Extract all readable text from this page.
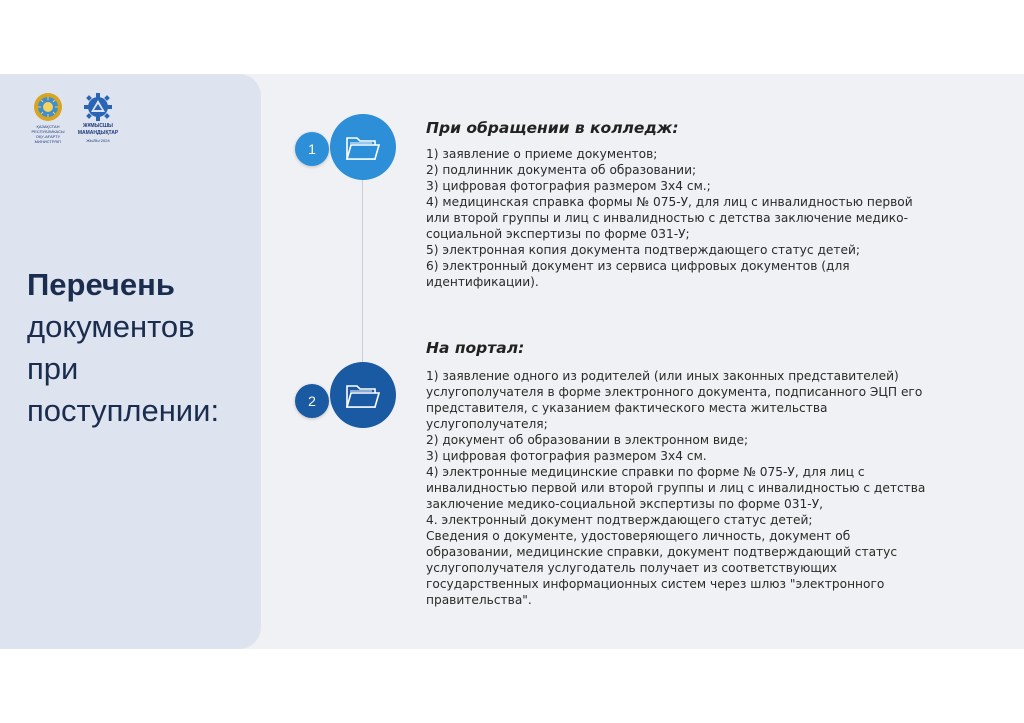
ҚАЗАҚСТАН РЕСПУБЛИКАСЫ ОҚУ-АҒАРТУ МИНИСТРЛІГІ
ЖҰМЫСШЫ
МАМАНДЫҚТАР
ЖЫЛЫ 2024
Перечень
документов
при
поступлении:
1
При обращении в колледж:
1) заявление о приеме документов;
2) подлинник документа об образовании;
3) цифровая фотография размером 3х4 см.;
4) медицинская справка формы № 075-У, для лиц с инвалидностью первой
или второй группы и лиц с инвалидностью с детства заключение медико-
социальной экспертизы по форме 031-У;
5) электронная копия документа подтверждающего статус детей;
6) электронный документ из сервиса цифровых документов (для
идентификации).
2
На портал:
1) заявление одного из родителей (или иных законных представителей)
услугополучателя в форме электронного документа, подписанного ЭЦП его
представителя, с указанием фактического места жительства
услугополучателя;
2) документ об образовании в электронном виде;
3) цифровая фотография размером 3х4 см.
4) электронные медицинские справки по форме № 075-У, для лиц с
инвалидностью первой или второй группы и лиц с инвалидностью с детства
заключение медико-социальной экспертизы по форме 031-У,
4. электронный документ подтверждающего статус детей;
Сведения о документе, удостоверяющего личность, документ об
образовании, медицинские справки, документ подтверждающий статус
услугополучателя услугодатель получает из соответствующих
государственных информационных систем через шлюз "электронного
правительства".
